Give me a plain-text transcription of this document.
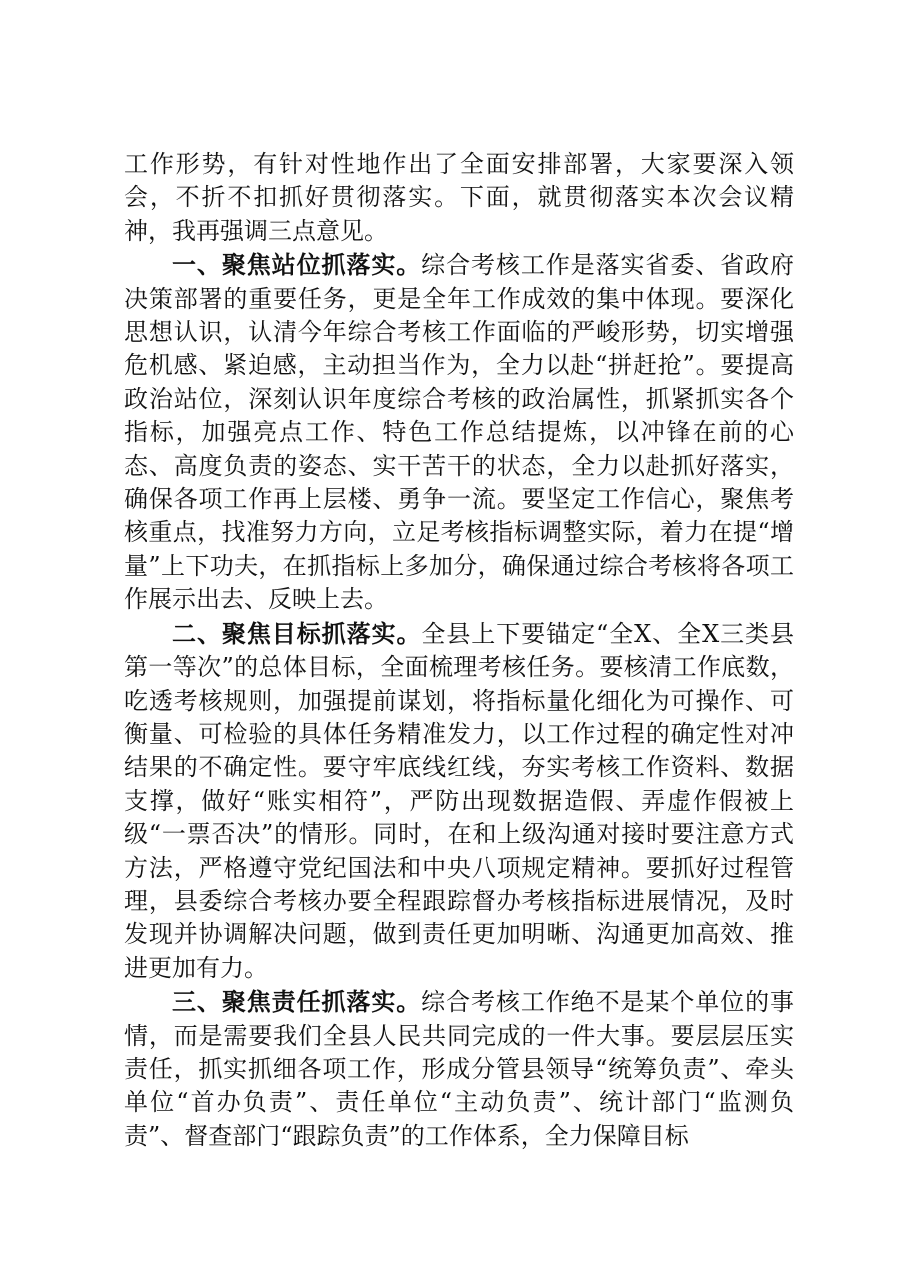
工作形势，有针对性地作出了全面安排部署，大家要深入领会，不折不扣抓好贯彻落实。下面，就贯彻落实本次会议精神，我再强调三点意见。

一、聚焦站位抓落实。综合考核工作是落实省委、省政府决策部署的重要任务，更是全年工作成效的集中体现。要深化思想认识，认清今年综合考核工作面临的严峻形势，切实增强危机感、紧迫感，主动担当作为，全力以赴“拼赶抢”。要提高政治站位，深刻认识年度综合考核的政治属性，抓紧抓实各个指标，加强亮点工作、特色工作总结提炼，以冲锋在前的心态、高度负责的姿态、实干苦干的状态，全力以赴抓好落实，确保各项工作再上层楼、勇争一流。要坚定工作信心，聚焦考核重点，找准努力方向，立足考核指标调整实际，着力在提“增量”上下功夫，在抓指标上多加分，确保通过综合考核将各项工作展示出去、反映上去。

二、聚焦目标抓落实。全县上下要锚定“全X、全X三类县第一等次”的总体目标，全面梳理考核任务。要核清工作底数，吃透考核规则，加强提前谋划，将指标量化细化为可操作、可衡量、可检验的具体任务精准发力，以工作过程的确定性对冲结果的不确定性。要守牢底线红线，夯实考核工作资料、数据支撑，做好“账实相符”，严防出现数据造假、弄虚作假被上级“一票否决”的情形。同时，在和上级沟通对接时要注意方式方法，严格遵守党纪国法和中央八项规定精神。要抓好过程管理，县委综合考核办要全程跟踪督办考核指标进展情况，及时发现并协调解决问题，做到责任更加明晰、沟通更加高效、推进更加有力。

三、聚焦责任抓落实。综合考核工作绝不是某个单位的事情，而是需要我们全县人民共同完成的一件大事。要层层压实责任，抓实抓细各项工作，形成分管县领导“统筹负责”、牵头单位“首办负责”、责任单位“主动负责”、统计部门“监测负责”、督查部门“跟踪负责”的工作体系，全力保障目标
